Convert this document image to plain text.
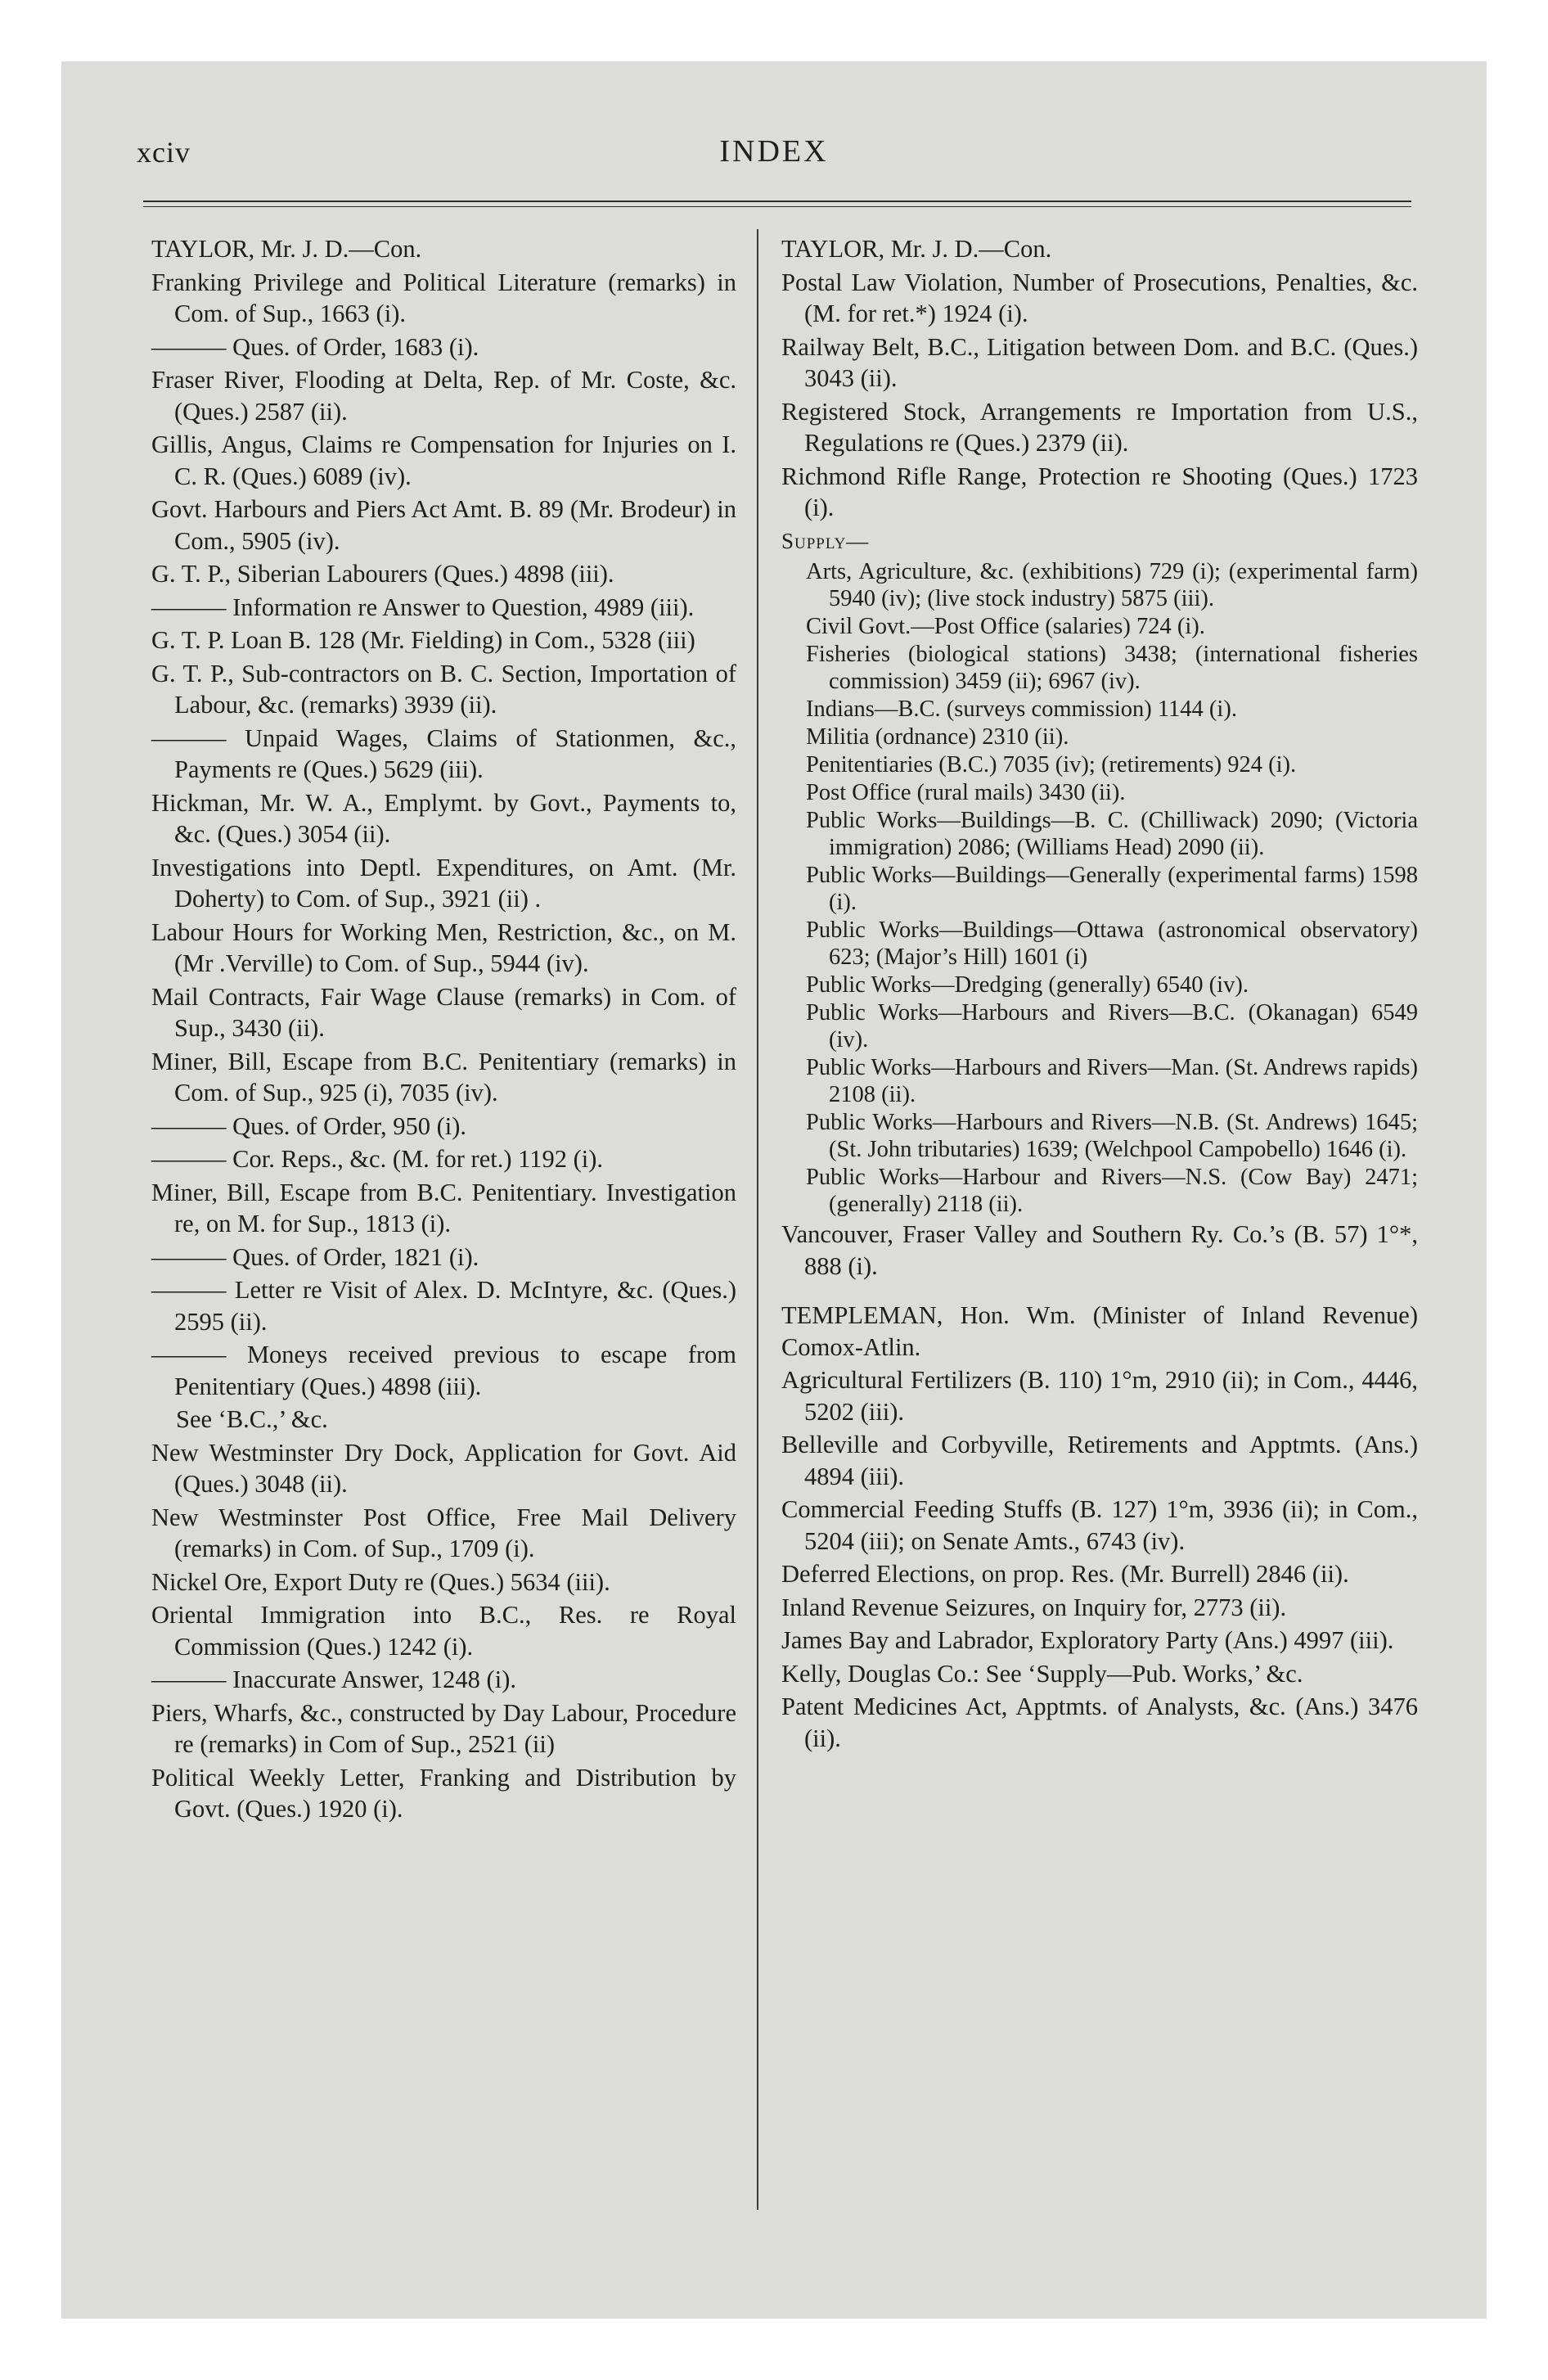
xciv	INDEX
TAYLOR, Mr. J. D.—Con.
Franking Privilege and Political Literature (remarks) in Com. of Sup., 1663 (i).
——— Ques. of Order, 1683 (i).
Fraser River, Flooding at Delta, Rep. of Mr. Coste, &c. (Ques.) 2587 (ii).
Gillis, Angus, Claims re Compensation for Injuries on I. C. R. (Ques.) 6089 (iv).
Govt. Harbours and Piers Act Amt. B. 89 (Mr. Brodeur) in Com., 5905 (iv).
G. T. P., Siberian Labourers (Ques.) 4898 (iii).
——— Information re Answer to Question, 4989 (iii).
G. T. P. Loan B. 128 (Mr. Fielding) in Com., 5328 (iii)
G. T. P., Sub-contractors on B. C. Section, Importation of Labour, &c. (remarks) 3939 (ii).
——— Unpaid Wages, Claims of Stationmen, &c., Payments re (Ques.) 5629 (iii).
Hickman, Mr. W. A., Emplymt. by Govt., Payments to, &c. (Ques.) 3054 (ii).
Investigations into Deptl. Expenditures, on Amt. (Mr. Doherty) to Com. of Sup., 3921 (ii) .
Labour Hours for Working Men, Restriction, &c., on M. (Mr .Verville) to Com. of Sup., 5944 (iv).
Mail Contracts, Fair Wage Clause (remarks) in Com. of Sup., 3430 (ii).
Miner, Bill, Escape from B.C. Penitentiary (remarks) in Com. of Sup., 925 (i), 7035 (iv).
——— Ques. of Order, 950 (i).
——— Cor. Reps., &c. (M. for ret.) 1192 (i).
Miner, Bill, Escape from B.C. Penitentiary. Investigation re, on M. for Sup., 1813 (i).
——— Ques. of Order, 1821 (i).
——— Letter re Visit of Alex. D. McIntyre, &c. (Ques.) 2595 (ii).
——— Moneys received previous to escape from Penitentiary (Ques.) 4898 (iii).
See ‘B.C.,’ &c.
New Westminster Dry Dock, Application for Govt. Aid (Ques.) 3048 (ii).
New Westminster Post Office, Free Mail Delivery (remarks) in Com. of Sup., 1709 (i).
Nickel Ore, Export Duty re (Ques.) 5634 (iii).
Oriental Immigration into B.C., Res. re Royal Commission (Ques.) 1242 (i).
——— Inaccurate Answer, 1248 (i).
Piers, Wharfs, &c., constructed by Day Labour, Procedure re (remarks) in Com of Sup., 2521 (ii)
Political Weekly Letter, Franking and Distribution by Govt. (Ques.) 1920 (i).
TAYLOR, Mr. J. D.—Con.
Postal Law Violation, Number of Prosecutions, Penalties, &c. (M. for ret.*) 1924 (i).
Railway Belt, B.C., Litigation between Dom. and B.C. (Ques.) 3043 (ii).
Registered Stock, Arrangements re Importation from U.S., Regulations re (Ques.) 2379 (ii).
Richmond Rifle Range, Protection re Shooting (Ques.) 1723 (i).
Supply—
Arts, Agriculture, &c. (exhibitions) 729 (i); (experimental farm) 5940 (iv); (live stock industry) 5875 (iii).
Civil Govt.—Post Office (salaries) 724 (i).
Fisheries (biological stations) 3438; (international fisheries commission) 3459 (ii); 6967 (iv).
Indians—B.C. (surveys commission) 1144 (i).
Militia (ordnance) 2310 (ii).
Penitentiaries (B.C.) 7035 (iv); (retirements) 924 (i).
Post Office (rural mails) 3430 (ii).
Public Works—Buildings—B. C. (Chilliwack) 2090; (Victoria immigration) 2086; (Williams Head) 2090 (ii).
Public Works—Buildings—Generally (experimental farms) 1598 (i).
Public Works—Buildings—Ottawa (astronomical observatory) 623; (Major’s Hill) 1601 (i)
Public Works—Dredging (generally) 6540 (iv).
Public Works—Harbours and Rivers—B.C. (Okanagan) 6549 (iv).
Public Works—Harbours and Rivers—Man. (St. Andrews rapids) 2108 (ii).
Public Works—Harbours and Rivers—N.B. (St. Andrews) 1645; (St. John tributaries) 1639; (Welchpool Campobello) 1646 (i).
Public Works—Harbour and Rivers—N.S. (Cow Bay) 2471; (generally) 2118 (ii).
Vancouver, Fraser Valley and Southern Ry. Co.’s (B. 57) 1°*, 888 (i).
TEMPLEMAN, Hon. Wm. (Minister of Inland Revenue) Comox-Atlin.
Agricultural Fertilizers (B. 110) 1°m, 2910 (ii); in Com., 4446, 5202 (iii).
Belleville and Corbyville, Retirements and Apptmts. (Ans.) 4894 (iii).
Commercial Feeding Stuffs (B. 127) 1°m, 3936 (ii); in Com., 5204 (iii); on Senate Amts., 6743 (iv).
Deferred Elections, on prop. Res. (Mr. Burrell) 2846 (ii).
Inland Revenue Seizures, on Inquiry for, 2773 (ii).
James Bay and Labrador, Exploratory Party (Ans.) 4997 (iii).
Kelly, Douglas Co.: See ‘Supply—Pub. Works,’ &c.
Patent Medicines Act, Apptmts. of Analysts, &c. (Ans.) 3476 (ii).
